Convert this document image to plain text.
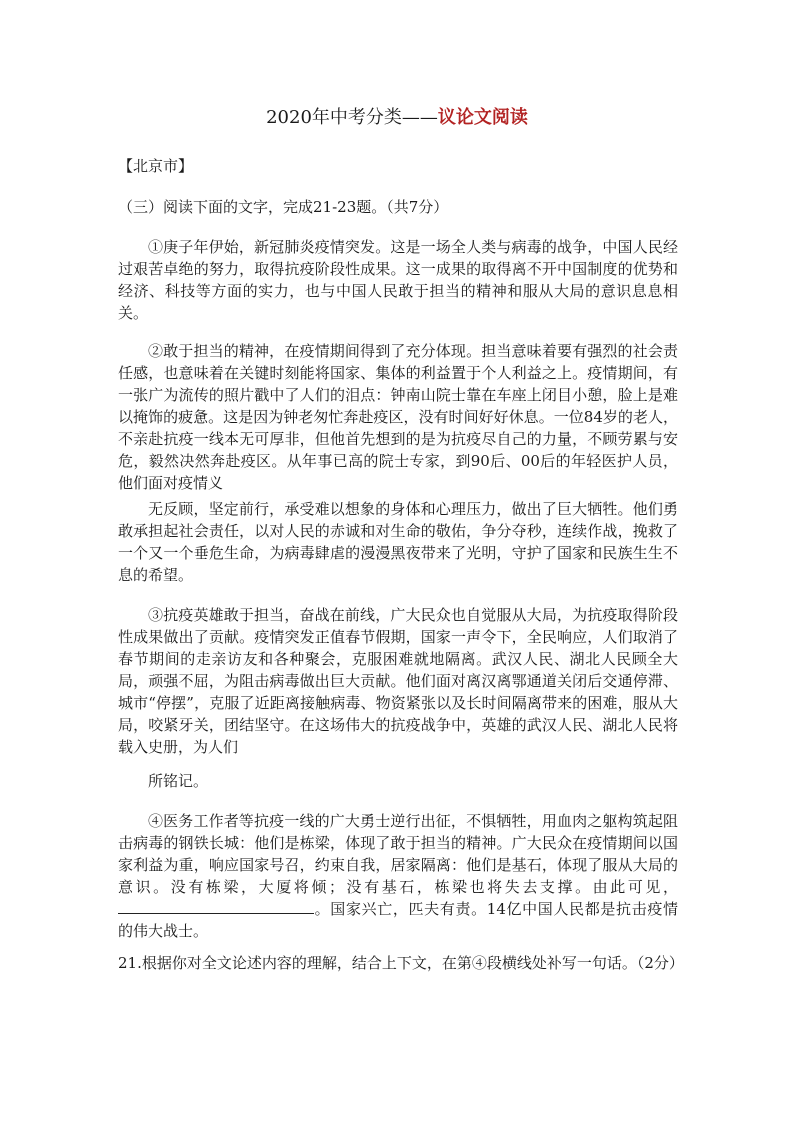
2020年中考分类——议论文阅读
【北京市】
（三）阅读下面的文字，完成21-23题。（共7分）

①庚子年伊始，新冠肺炎疫情突发。这是一场全人类与病毒的战争，中国人民经过艰苦卓绝的努力，取得抗疫阶段性成果。这一成果的取得离不开中国制度的优势和经济、科技等方面的实力，也与中国人民敢于担当的精神和服从大局的意识息息相关。

②敢于担当的精神，在疫情期间得到了充分体现。担当意味着要有强烈的社会责任感，也意味着在关键时刻能将国家、集体的利益置于个人利益之上。疫情期间，有一张广为流传的照片戳中了人们的泪点：钟南山院士靠在车座上闭目小憩，脸上是难以掩饰的疲惫。这是因为钟老匆忙奔赴疫区，没有时间好好休息。一位84岁的老人，不亲赴抗疫一线本无可厚非，但他首先想到的是为抗疫尽自己的力量，不顾劳累与安危，毅然决然奔赴疫区。从年事已高的院士专家，到90后、00后的年轻医护人员，他们面对疫情义

无反顾，坚定前行，承受难以想象的身体和心理压力，做出了巨大牺牲。他们勇敢承担起社会责任，以对人民的赤诚和对生命的敬佑，争分夺秒，连续作战，挽救了一个又一个垂危生命，为病毒肆虐的漫漫黑夜带来了光明，守护了国家和民族生生不息的希望。

③抗疫英雄敢于担当，奋战在前线，广大民众也自觉服从大局，为抗疫取得阶段性成果做出了贡献。疫情突发正值春节假期，国家一声令下，全民响应，人们取消了春节期间的走亲访友和各种聚会，克服困难就地隔离。武汉人民、湖北人民顾全大局，顽强不屈，为阻击病毒做出巨大贡献。他们面对离汉离鄂通道关闭后交通停滞、城市“停摆”，克服了近距离接触病毒、物资紧张以及长时间隔离带来的困难，服从大局，咬紧牙关，团结坚守。在这场伟大的抗疫战争中，英雄的武汉人民、湖北人民将载入史册，为人们

所铭记。

④医务工作者等抗疫一线的广大勇士逆行出征，不惧牺牲，用血肉之躯构筑起阻击病毒的钢铁长城：他们是栋梁，体现了敢于担当的精神。广大民众在疫情期间以国家利益为重，响应国家号召，约束自我，居家隔离：他们是基石，体现了服从大局的意识。没有栋梁，大厦将倾；没有基石，栋梁也将失去支撑。由此可见，。国家兴亡，匹夫有责。14亿中国人民都是抗击疫情的伟大战士。

21.根据你对全文论述内容的理解，结合上下文，在第④段横线处补写一句话。（2分）
